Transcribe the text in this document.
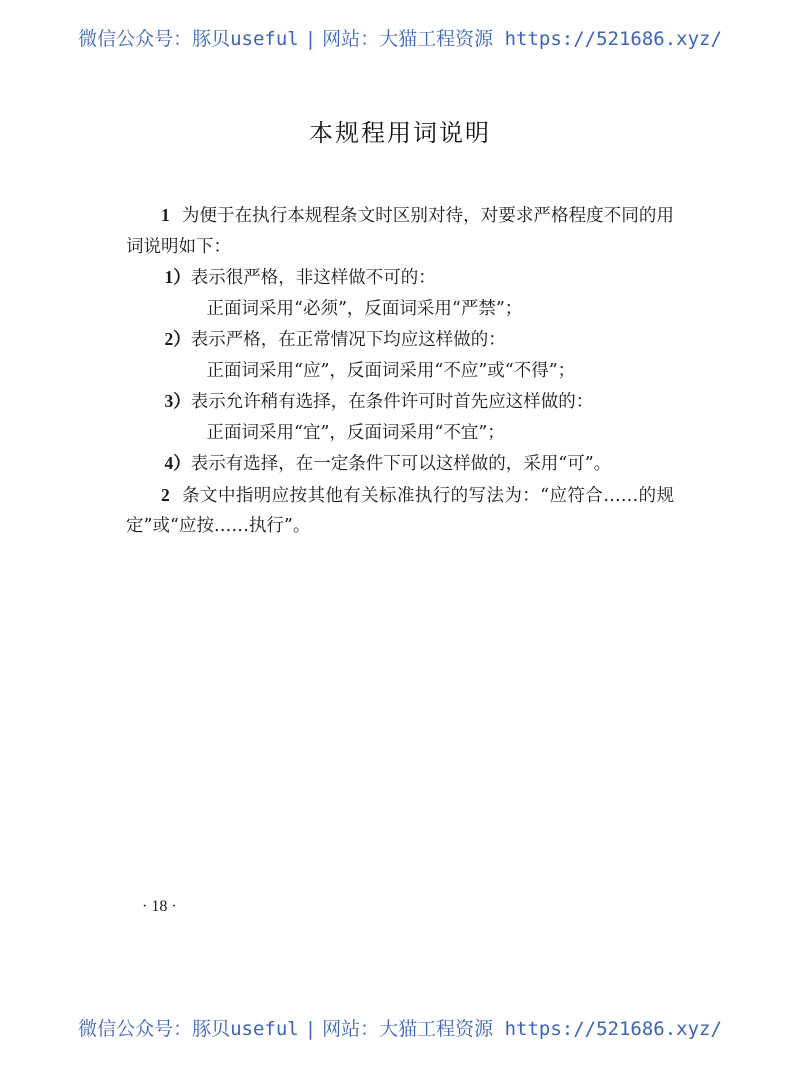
微信公众号：豚贝useful | 网站：大猫工程资源 https://521686.xyz/
本规程用词说明

1 为便于在执行本规程条文时区别对待，对要求严格程度不同的用词说明如下：

1）表示很严格，非这样做不可的：

正面词采用“必须”，反面词采用“严禁”；

2）表示严格，在正常情况下均应这样做的：

正面词采用“应”，反面词采用“不应”或“不得”；

3）表示允许稍有选择，在条件许可时首先应这样做的：

正面词采用“宜”，反面词采用“不宜”；

4）表示有选择，在一定条件下可以这样做的，采用“可”。

2 条文中指明应按其他有关标准执行的写法为：“应符合……的规定”或“应按……执行”。

· 18 ·
微信公众号：豚贝useful | 网站：大猫工程资源 https://521686.xyz/
